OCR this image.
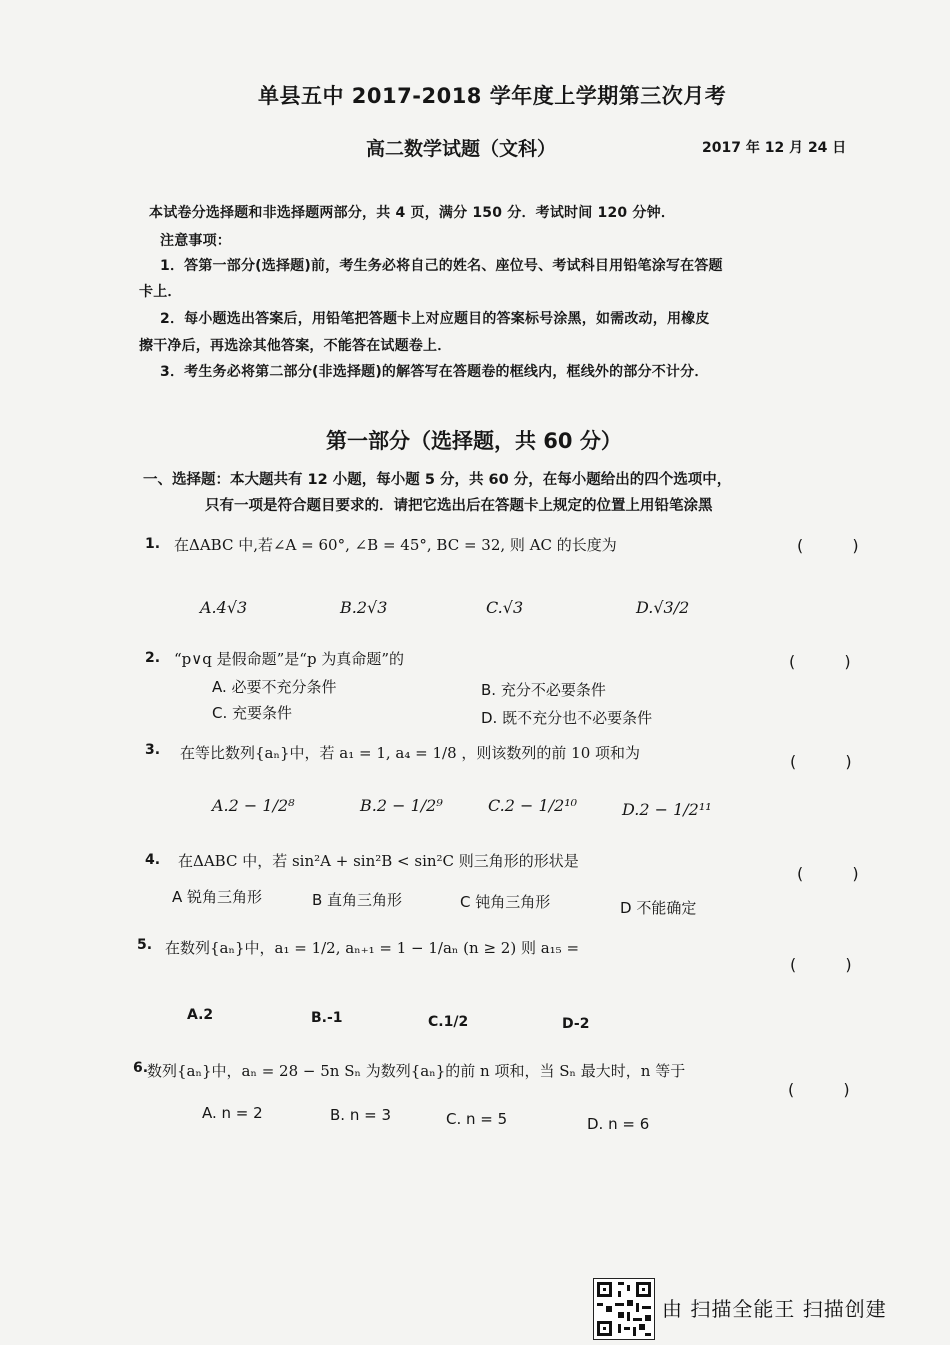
单县五中 2017-2018 学年度上学期第三次月考
高二数学试题（文科）	2017 年 12 月 24 日
本试卷分选择题和非选择题两部分，共 4 页，满分 150 分．考试时间 120 分钟．
注意事项：
1．答第一部分(选择题)前，考生务必将自己的姓名、座位号、考试科目用铅笔涂写在答题
卡上．
2．每小题选出答案后，用铅笔把答题卡上对应题目的答案标号涂黑，如需改动，用橡皮
擦干净后，再选涂其他答案，不能答在试题卷上．
3．考生务必将第二部分(非选择题)的解答写在答题卷的框线内，框线外的部分不计分．
第一部分（选择题，共 60 分）
一、选择题：本大题共有 12 小题，每小题 5 分，共 60 分，在每小题给出的四个选项中，
只有一项是符合题目要求的．请把它选出后在答题卡上规定的位置上用铅笔涂黑
1. 在ΔABC 中,若∠A = 60°, ∠B = 45°, BC = 32, 则 AC 的长度为	( )
A.4√3	B.2√3	C.√3	D.√3/2
2. “p∨q 是假命题”是“p 为真命题”的	( )
A. 必要不充分条件	B. 充分不必要条件
C. 充要条件	D. 既不充分也不必要条件
3. 在等比数列{aₙ}中，若 a₁ = 1, a₄ = 1/8 ，则该数列的前 10 项和为	( )
A.2 − 1/2⁸	B.2 − 1/2⁹	C.2 − 1/2¹⁰	D.2 − 1/2¹¹
4. 在ΔABC 中，若 sin²A + sin²B < sin²C 则三角形的形状是
( )
A 锐角三角形	B 直角三角形	C 钝角三角形	D 不能确定
5. 在数列{aₙ}中，a₁ = 1/2, aₙ₊₁ = 1 − 1/aₙ (n ≥ 2) 则 a₁₅ =
( )
A.2	B.-1	C.1/2	D-2
6.
数列{aₙ}中，aₙ = 28 − 5n Sₙ 为数列{aₙ}的前 n 项和，当 Sₙ 最大时，n 等于
( )
A. n = 2	B. n = 3	C. n = 5	D. n = 6
由 扫描全能王 扫描创建
